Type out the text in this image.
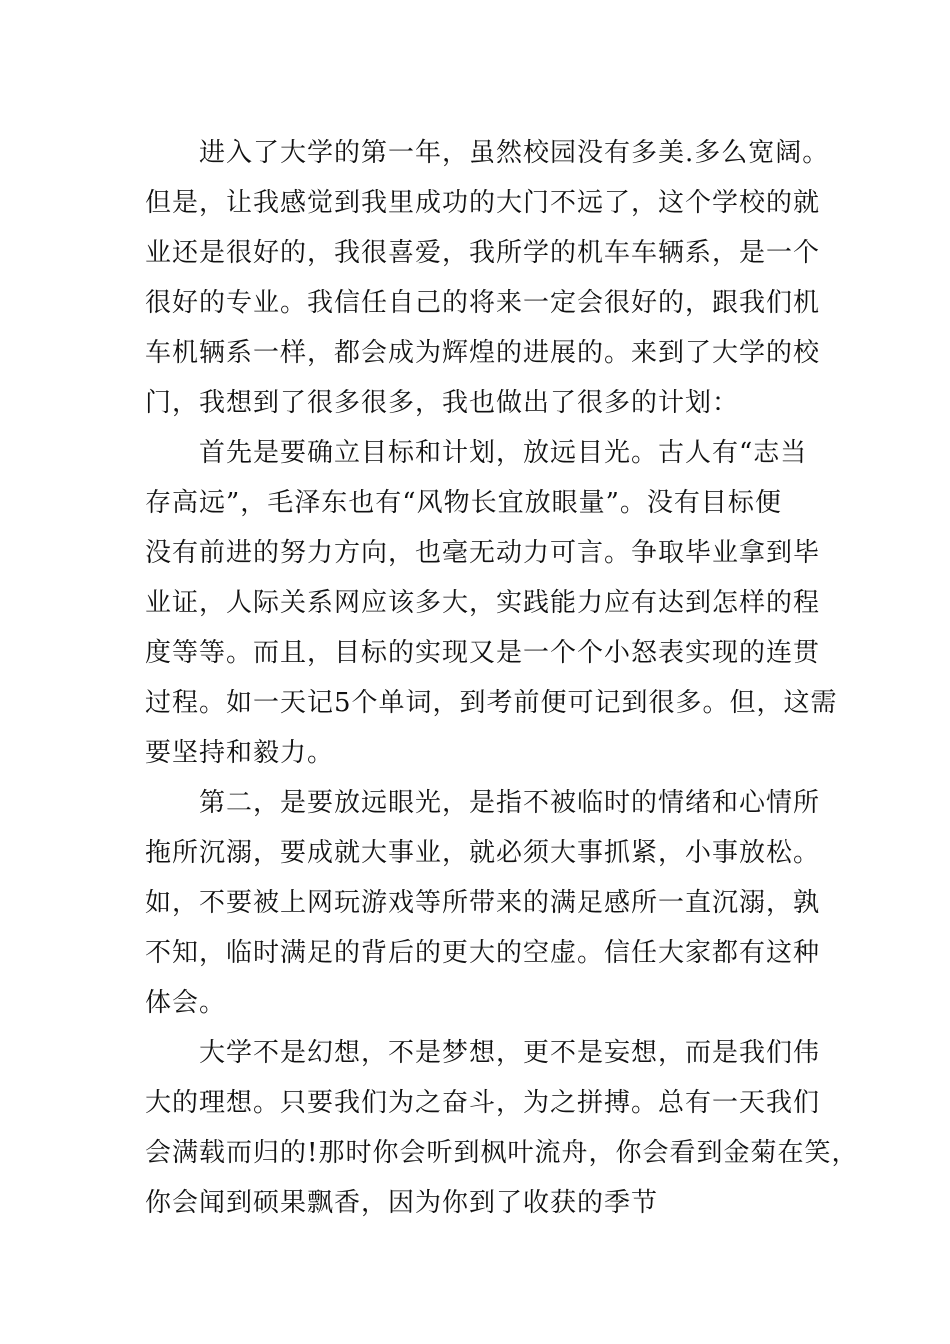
进入了大学的第一年，虽然校园没有多美.多么宽阔。
但是，让我感觉到我里成功的大门不远了，这个学校的就
业还是很好的，我很喜爱，我所学的机车车辆系，是一个
很好的专业。我信任自己的将来一定会很好的，跟我们机
车机辆系一样，都会成为辉煌的进展的。来到了大学的校
门，我想到了很多很多，我也做出了很多的计划：
首先是要确立目标和计划，放远目光。古人有“志当
存高远”，毛泽东也有“风物长宜放眼量”。没有目标便
没有前进的努力方向，也毫无动力可言。争取毕业拿到毕
业证，人际关系网应该多大，实践能力应有达到怎样的程
度等等。而且，目标的实现又是一个个小怒表实现的连贯
过程。如一天记5个单词，到考前便可记到很多。但，这需
要坚持和毅力。
第二，是要放远眼光，是指不被临时的情绪和心情所
拖所沉溺，要成就大事业，就必须大事抓紧，小事放松。
如，不要被上网玩游戏等所带来的满足感所一直沉溺，孰
不知，临时满足的背后的更大的空虚。信任大家都有这种
体会。
大学不是幻想，不是梦想，更不是妄想，而是我们伟
大的理想。只要我们为之奋斗，为之拼搏。总有一天我们
会满载而归的!那时你会听到枫叶流舟，你会看到金菊在笑，
你会闻到硕果飘香，因为你到了收获的季节
